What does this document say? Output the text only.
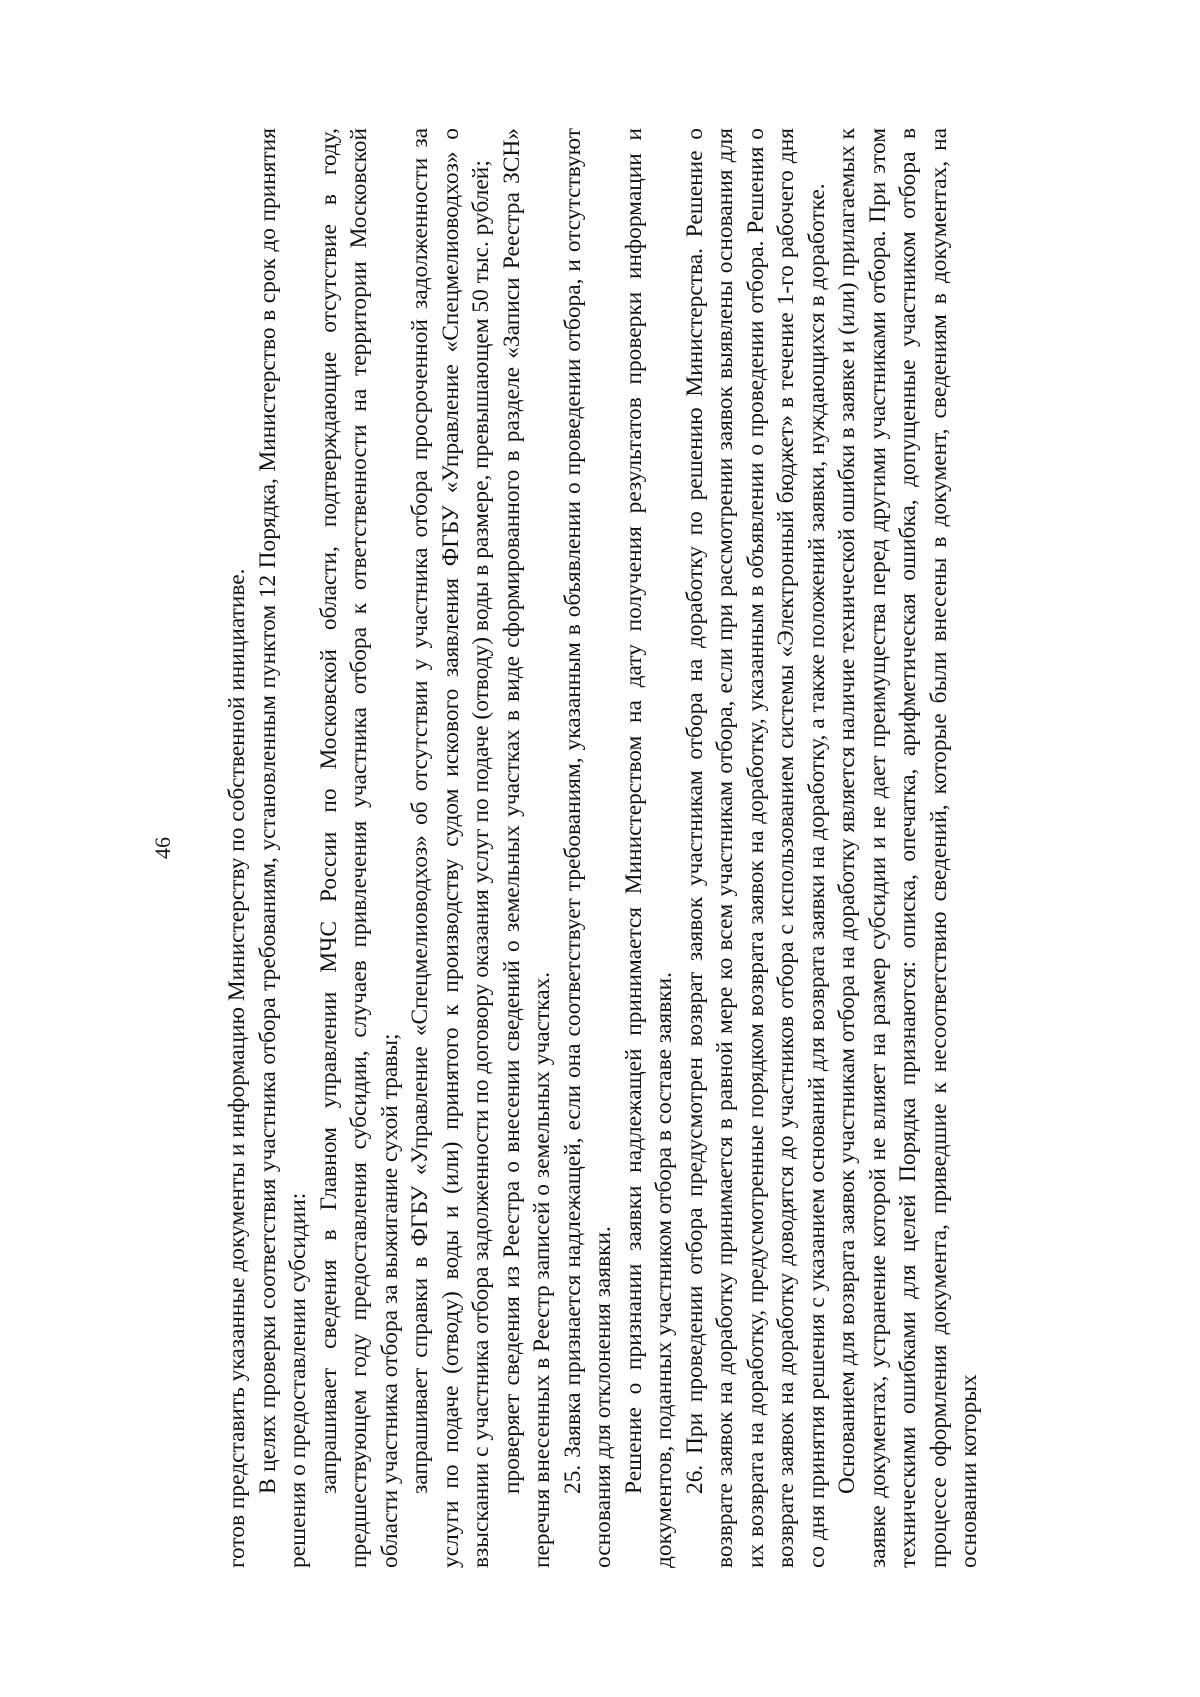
46 готов представить указанные документы и информацию Министерству по собственной инициативе. В целях проверки соответствия участника отбора требованиям, установленным пунктом 12 Порядка, Министерство в срок до принятия решения о предоставлении субсидии: запрашивает сведения в Главном управлении МЧС России по Московской области, подтверждающие отсутствие в году, предшествующем году предоставления субсидии, случаев привлечения участника отбора к ответственности на территории Московской области участника отбора за выжигание сухой травы; запрашивает справки в ФГБУ «Управление «Спецмелиоводхоз» об отсутствии у участника отбора просроченной задолженности за услуги по подаче (отводу) воды и (или) принятого к производству судом искового заявления ФГБУ «Управление «Спецмелиоводхоз» о взыскании с участника отбора задолженности по договору оказания услуг по подаче (отводу) воды в размере, превышающем 50 тыс. рублей; проверяет сведения из Реестра о внесении сведений о земельных участках в виде сформированного в разделе «Записи Реестра ЗСН» перечня внесенных в Реестр записей о земельных участках. 25. Заявка признается надлежащей, если она соответствует требованиям, указанным в объявлении о проведении отбора, и отсутствуют основания для отклонения заявки. Решение о признании заявки надлежащей принимается Министерством на дату получения результатов проверки информации и документов, поданных участником отбора в составе заявки. 26. При проведении отбора предусмотрен возврат заявок участникам отбора на доработку по решению Министерства. Решение о возврате заявок на доработку принимается в равной мере ко всем участникам отбора, если при рассмотрении заявок выявлены основания для их возврата на доработку, предусмотренные порядком возврата заявок на доработку, указанным в объявлении о проведении отбора. Решения о возврате заявок на доработку доводятся до участников отбора с использованием системы «Электронный бюджет» в течение 1-го рабочего дня со дня принятия решения с указанием оснований для возврата заявки на доработку, а также положений заявки, нуждающихся в доработке. Основанием для возврата заявок участникам отбора на доработку является наличие технической ошибки в заявке и (или) прилагаемых к заявке документах, устранение которой не влияет на размер субсидии и не дает преимущества перед другими участниками отбора. При этом техническими ошибками для целей Порядка признаются: описка, опечатка, арифметическая ошибка, допущенные участником отбора в процессе оформления документа, приведшие к несоответствию сведений, которые были внесены в документ, сведениям в документах, на основании которых
